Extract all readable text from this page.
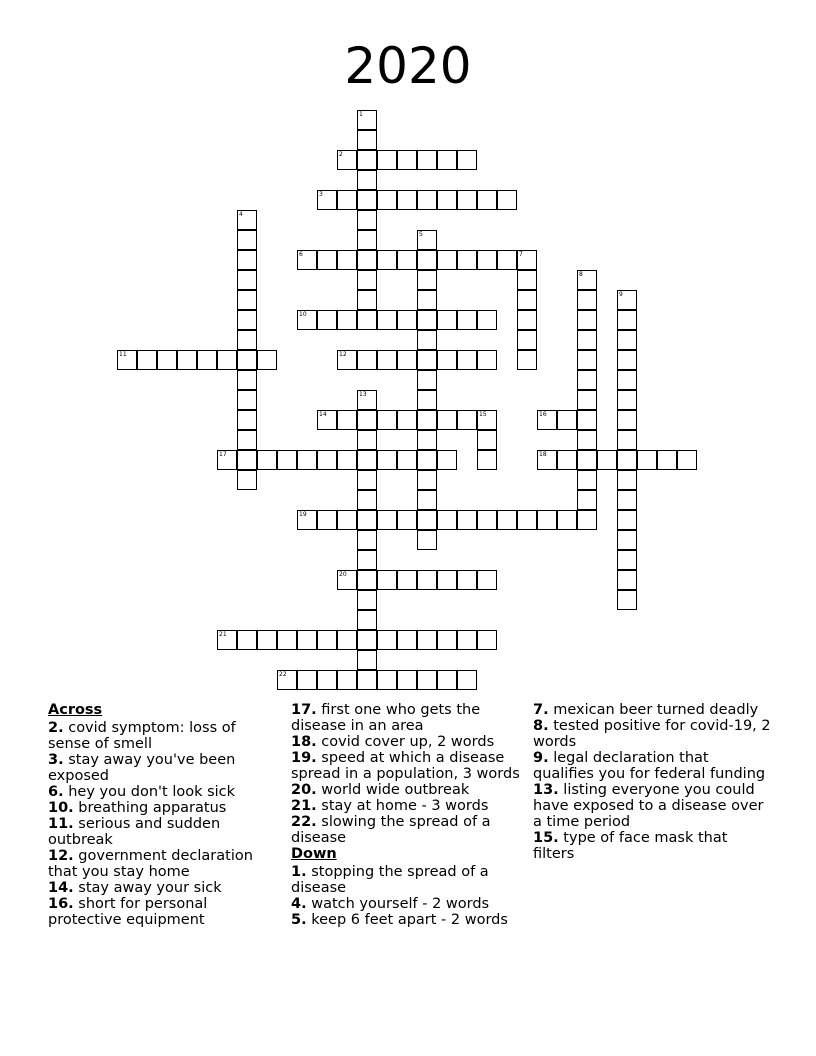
2020
2
3
6	7
10
11	12
14	15	16
17	18
19
20
21
22
1
4
5
8
9
13
Across

2. covid symptom: loss of sense of smell

3. stay away you've been exposed

6. hey you don't look sick

10. breathing apparatus

11. serious and sudden outbreak

12. government declaration that you stay home

14. stay away your sick

16. short for personal protective equipment

17. first one who gets the disease in an area

18. covid cover up, 2 words

19. speed at which a disease spread in a population, 3 words

20. world wide outbreak

21. stay at home - 3 words

22. slowing the spread of a disease

Down

1. stopping the spread of a disease

4. watch yourself - 2 words

5. keep 6 feet apart - 2 words

7. mexican beer turned deadly

8. tested positive for covid-19, 2 words

9. legal declaration that qualifies you for federal funding

13. listing everyone you could have exposed to a disease over a time period

15. type of face mask that filters
